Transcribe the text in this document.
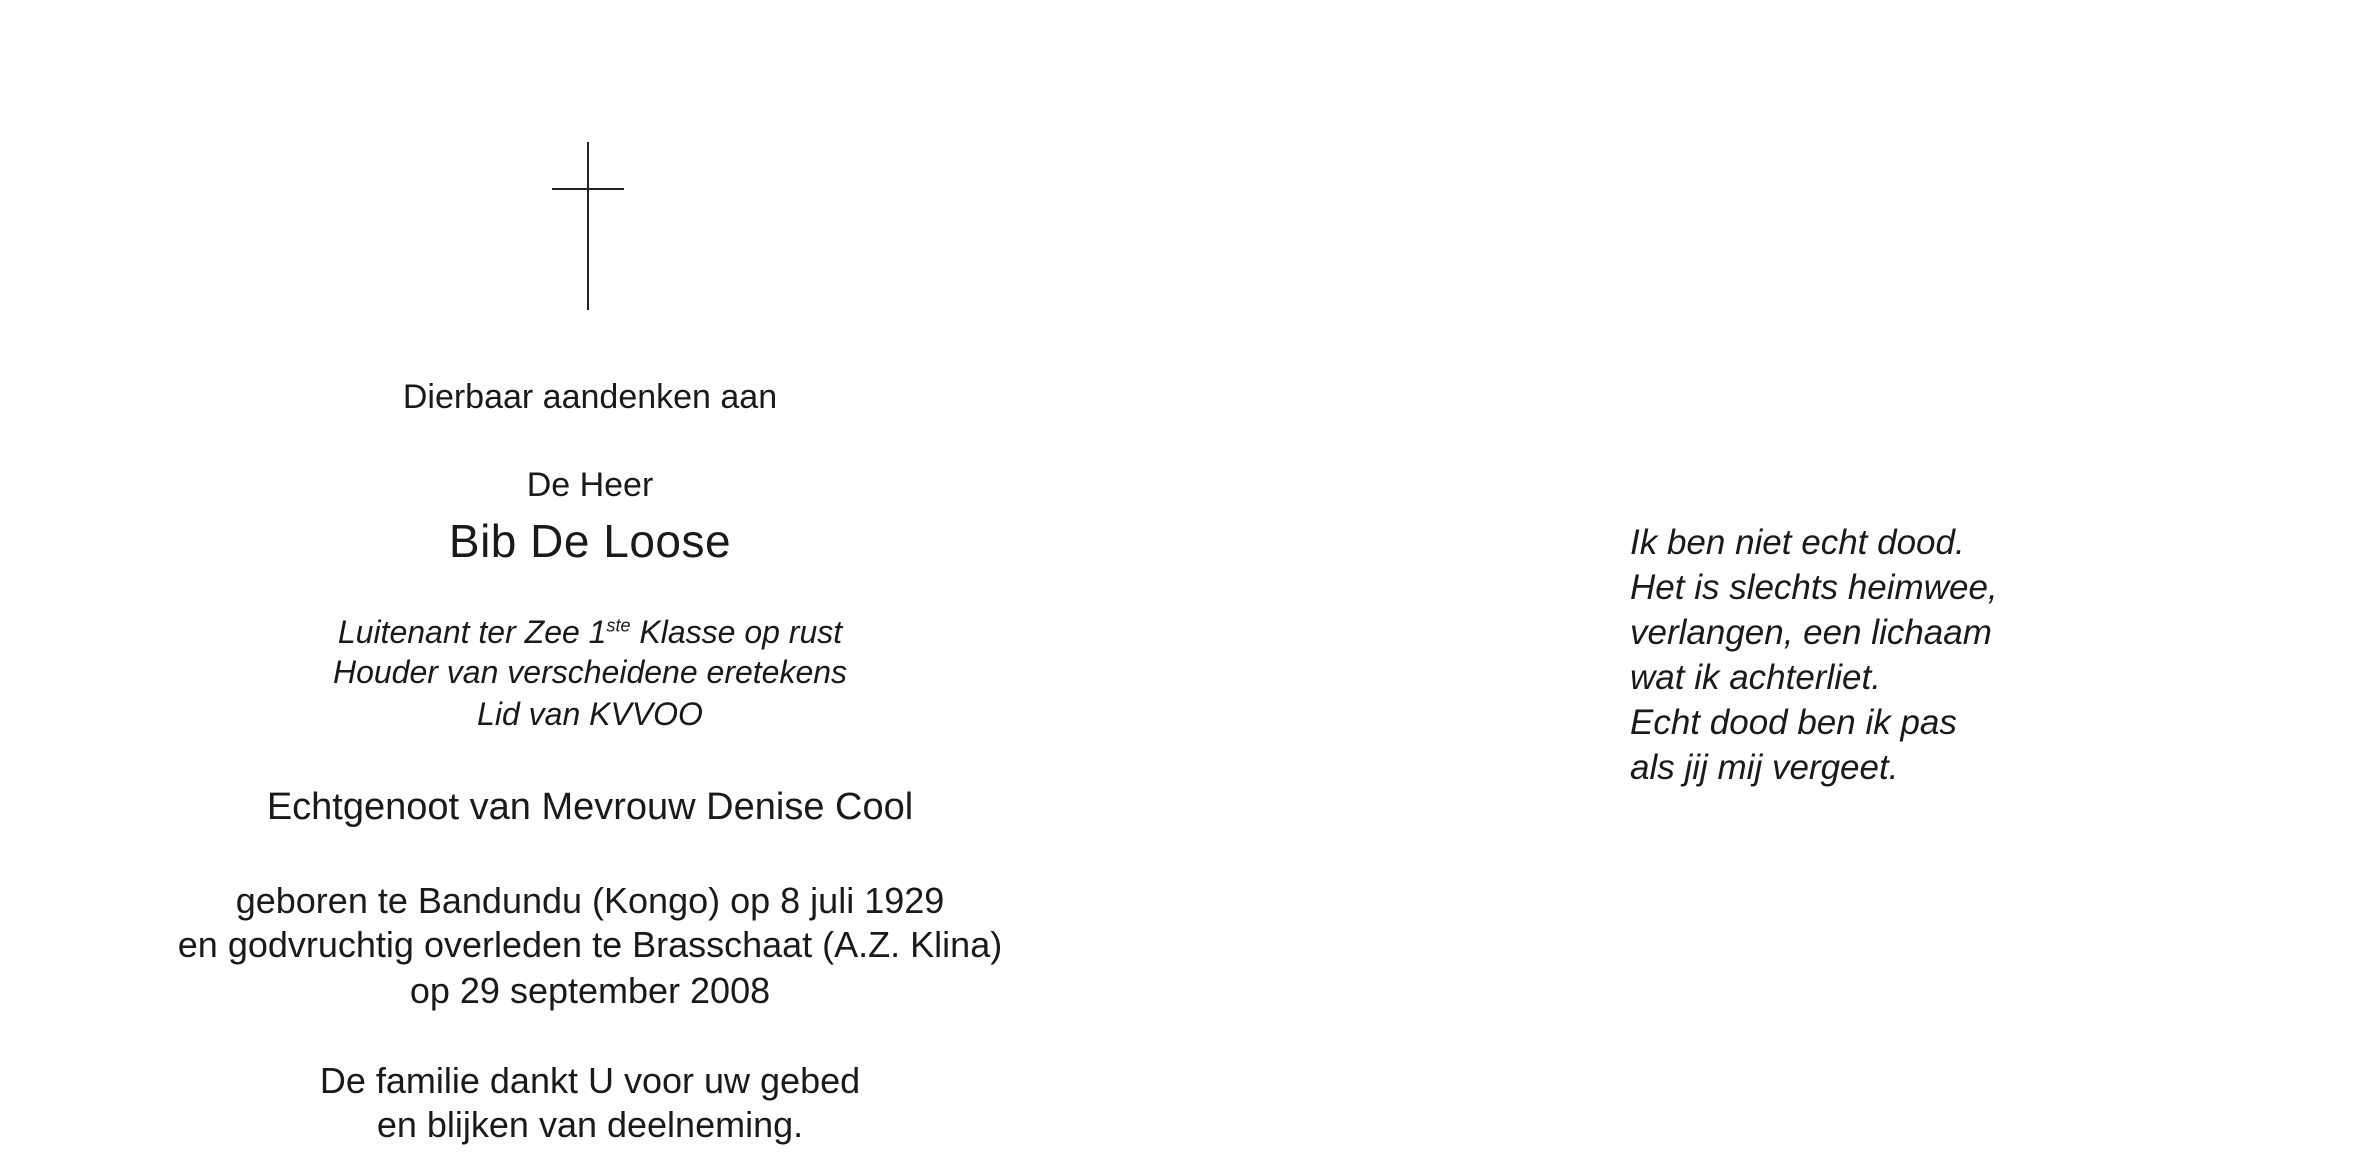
Dierbaar aandenken aan
De Heer
Bib De Loose
Luitenant ter Zee 1ste Klasse op rust
Houder van verscheidene eretekens
Lid van KVVOO
Echtgenoot van Mevrouw Denise Cool
geboren te Bandundu (Kongo) op 8 juli 1929
en godvruchtig overleden te Brasschaat (A.Z. Klina)
op 29 september 2008
De familie dankt U voor uw gebed
en blijken van deelneming.
Ik ben niet echt dood.
Het is slechts heimwee,
verlangen, een lichaam
wat ik achterliet.
Echt dood ben ik pas
als jij mij vergeet.
